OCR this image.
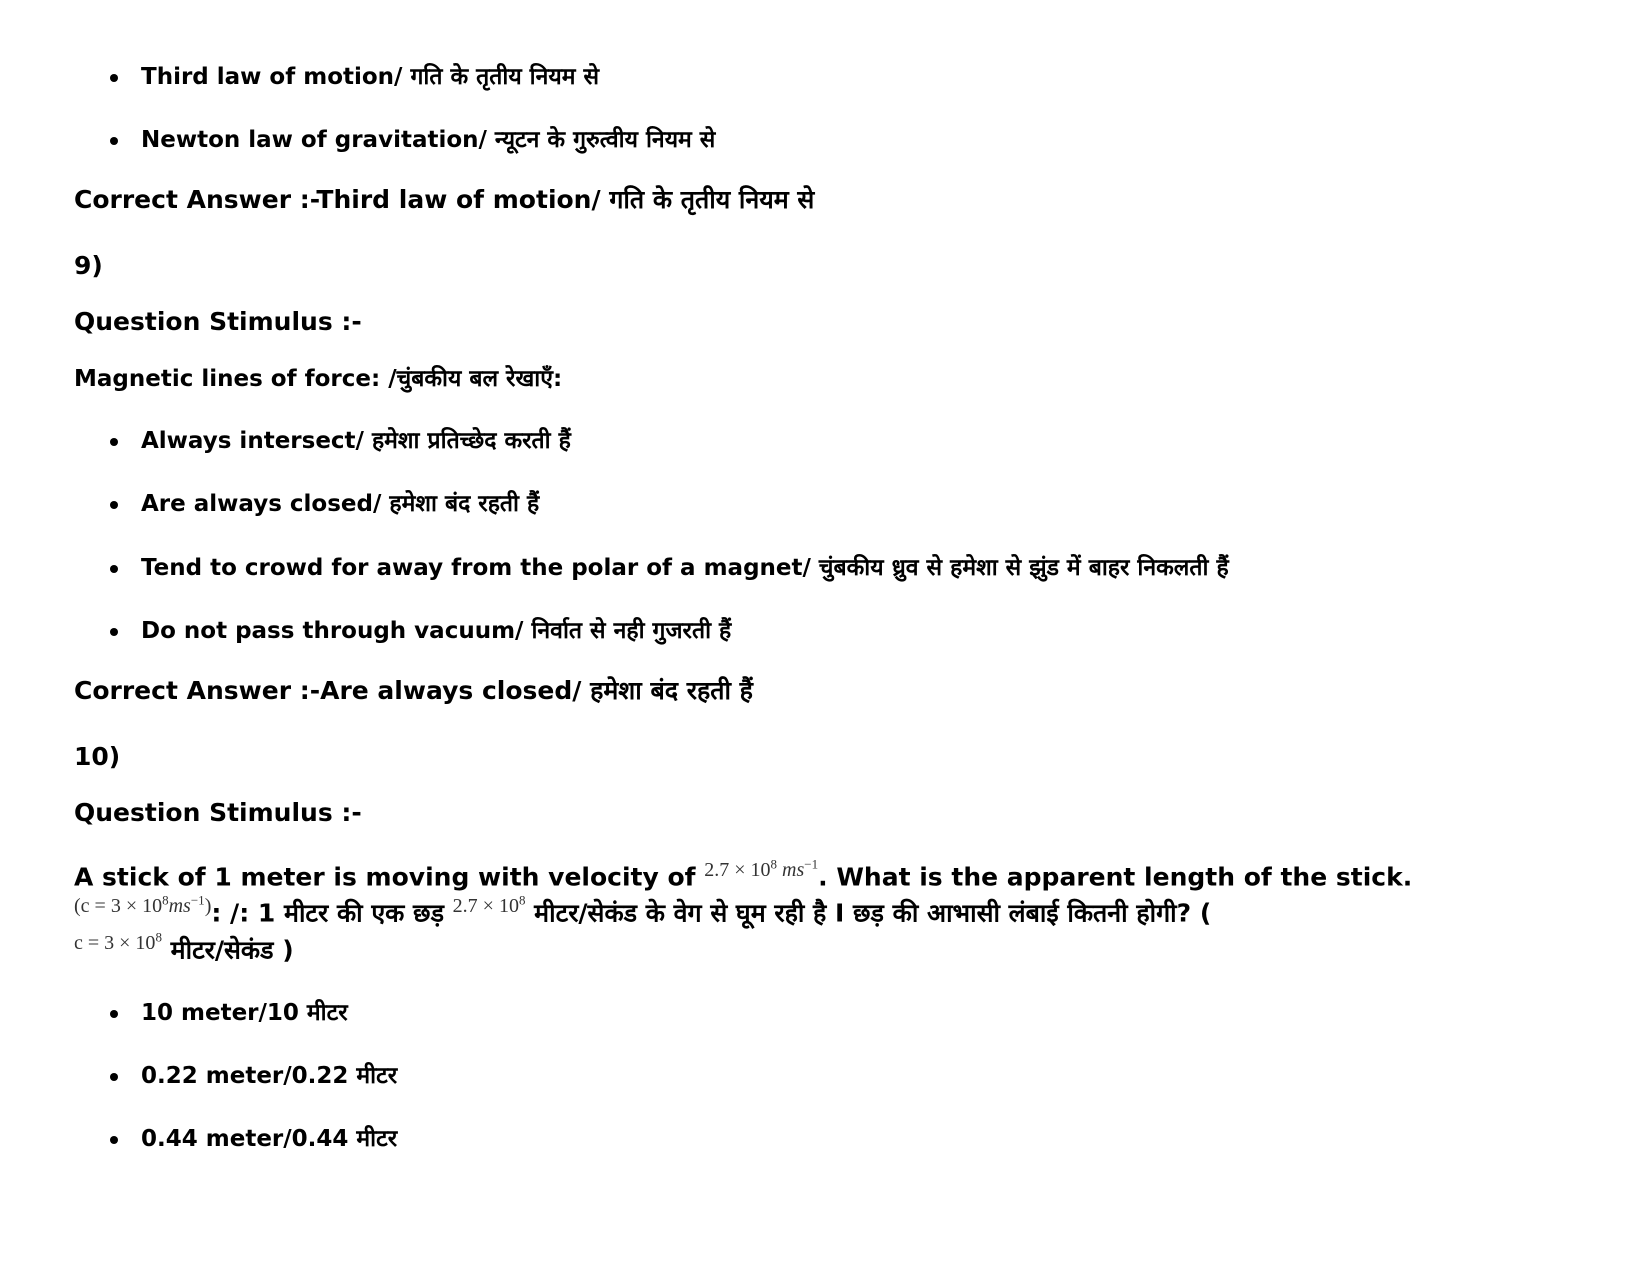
Third law of motion/ गति के तृतीय नियम से
Newton law of gravitation/ न्यूटन के गुरुत्वीय नियम से
Correct Answer :-Third law of motion/ गति के तृतीय नियम से
9)
Question Stimulus :-
Magnetic lines of force: /चुंबकीय बल रेखाएँ:
Always intersect/ हमेशा प्रतिच्छेद करती हैं
Are always closed/ हमेशा बंद रहती हैं
Tend to crowd for away from the polar of a magnet/ चुंबकीय ध्रुव से हमेशा से झुंड में बाहर निकलती हैं
Do not pass through vacuum/ निर्वात से नही गुजरती हैं
Correct Answer :-Are always closed/ हमेशा बंद रहती हैं
10)
Question Stimulus :-
A stick of 1 meter is moving with velocity of $^{2.7 \times 10^8 ms^{-1}}$. What is the apparent length of the stick.
$^{(c = 3 \times 10^8ms^{-1})}$: /: 1 मीटर की एक छड़ $^{2.7 \times 10^8}$ मीटर/सेकंड के वेग से घूम रही है I छड़ की आभासी लंबाई कितनी होगी? (
$^{c = 3 \times 10^8}$ मीटर/सेकंड )
10 meter/10 मीटर
0.22 meter/0.22 मीटर
0.44 meter/0.44 मीटर
